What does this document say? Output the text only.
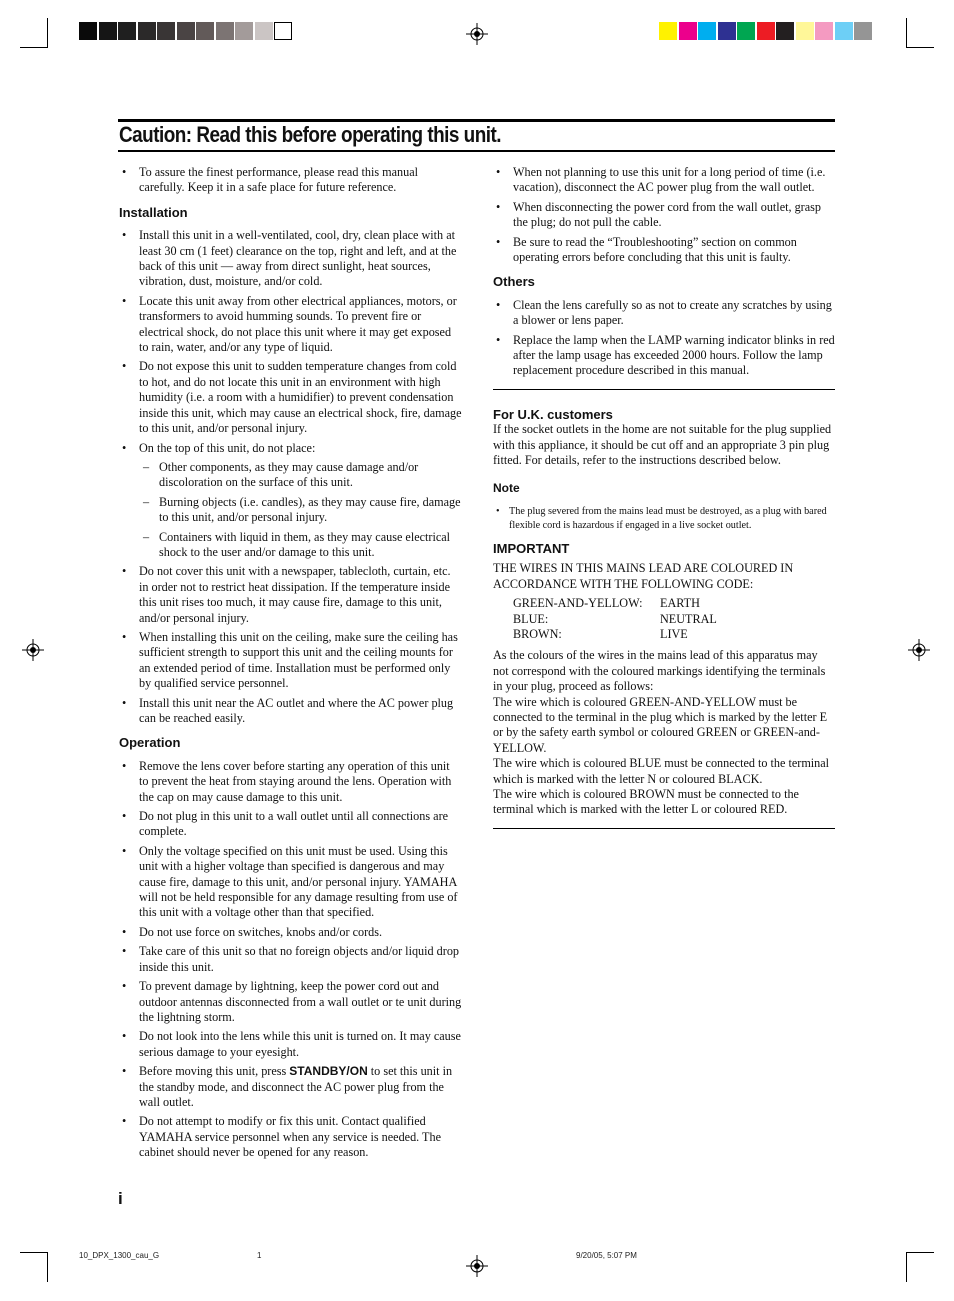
Caution: Read this before operating this unit.
• To assure the finest performance, please read this manual carefully. Keep it in a safe place for future reference.
Installation
• Install this unit in a well-ventilated, cool, dry, clean place with at least 30 cm (1 feet) clearance on the top, right and left, and at the back of this unit — away from direct sunlight, heat sources, vibration, dust, moisture, and/or cold.
• Locate this unit away from other electrical appliances, motors, or transformers to avoid humming sounds. To prevent fire or electrical shock, do not place this unit where it may get exposed to rain, water, and/or any type of liquid.
• Do not expose this unit to sudden temperature changes from cold to hot, and do not locate this unit in an environment with high humidity (i.e. a room with a humidifier) to prevent condensation inside this unit, which may cause an electrical shock, fire, damage to this unit, and/or personal injury.
• On the top of this unit, do not place:
– Other components, as they may cause damage and/or discoloration on the surface of this unit.
– Burning objects (i.e. candles), as they may cause fire, damage to this unit, and/or personal injury.
– Containers with liquid in them, as they may cause electrical shock to the user and/or damage to this unit.
• Do not cover this unit with a newspaper, tablecloth, curtain, etc. in order not to restrict heat dissipation. If the temperature inside this unit rises too much, it may cause fire, damage to this unit, and/or personal injury.
• When installing this unit on the ceiling, make sure the ceiling has sufficient strength to support this unit and the ceiling mounts for an extended period of time. Installation must be performed only by qualified service personnel.
• Install this unit near the AC outlet and where the AC power plug can be reached easily.
Operation
• Remove the lens cover before starting any operation of this unit to prevent the heat from staying around the lens. Operation with the cap on may cause damage to this unit.
• Do not plug in this unit to a wall outlet until all connections are complete.
• Only the voltage specified on this unit must be used. Using this unit with a higher voltage than specified is dangerous and may cause fire, damage to this unit, and/or personal injury. YAMAHA will not be held responsible for any damage resulting from use of this unit with a voltage other than that specified.
• Do not use force on switches, knobs and/or cords.
• Take care of this unit so that no foreign objects and/or liquid drop inside this unit.
• To prevent damage by lightning, keep the power cord out and outdoor antennas disconnected from a wall outlet or te unit during the lightning storm.
• Do not look into the lens while this unit is turned on. It may cause serious damage to your eyesight.
• Before moving this unit, press STANDBY/ON to set this unit in the standby mode, and disconnect the AC power plug from the wall outlet.
• Do not attempt to modify or fix this unit. Contact qualified YAMAHA service personnel when any service is needed. The cabinet should never be opened for any reason.
• When not planning to use this unit for a long period of time (i.e. vacation), disconnect the AC power plug from the wall outlet.
• When disconnecting the power cord from the wall outlet, grasp the plug; do not pull the cable.
• Be sure to read the “Troubleshooting” section on common operating errors before concluding that this unit is faulty.
Others
• Clean the lens carefully so as not to create any scratches by using a blower or lens paper.
• Replace the lamp when the LAMP warning indicator blinks in red after the lamp usage has exceeded 2000 hours. Follow the lamp replacement procedure described in this manual.
For U.K. customers

If the socket outlets in the home are not suitable for the plug supplied with this appliance, it should be cut off and an appropriate 3 pin plug fitted. For details, refer to the instructions described below.

Note
• The plug severed from the mains lead must be destroyed, as a plug with bared flexible cord is hazardous if engaged in a live socket outlet.
IMPORTANT

THE WIRES IN THIS MAINS LEAD ARE COLOURED IN ACCORDANCE WITH THE FOLLOWING CODE:

GREEN-AND-YELLOW:	EARTH
BLUE:	NEUTRAL
BROWN:	LIVE

As the colours of the wires in the mains lead of this apparatus may not correspond with the coloured markings identifying the terminals in your plug, proceed as follows:

The wire which is coloured GREEN-AND-YELLOW must be connected to the terminal in the plug which is marked by the letter E or by the safety earth symbol or coloured GREEN or GREEN-and-YELLOW.

The wire which is coloured BLUE must be connected to the terminal which is marked with the letter N or coloured BLACK.

The wire which is coloured BROWN must be connected to the terminal which is marked with the letter L or coloured RED.

i
10_DPX_1300_cau_G	1	9/20/05, 5:07 PM
